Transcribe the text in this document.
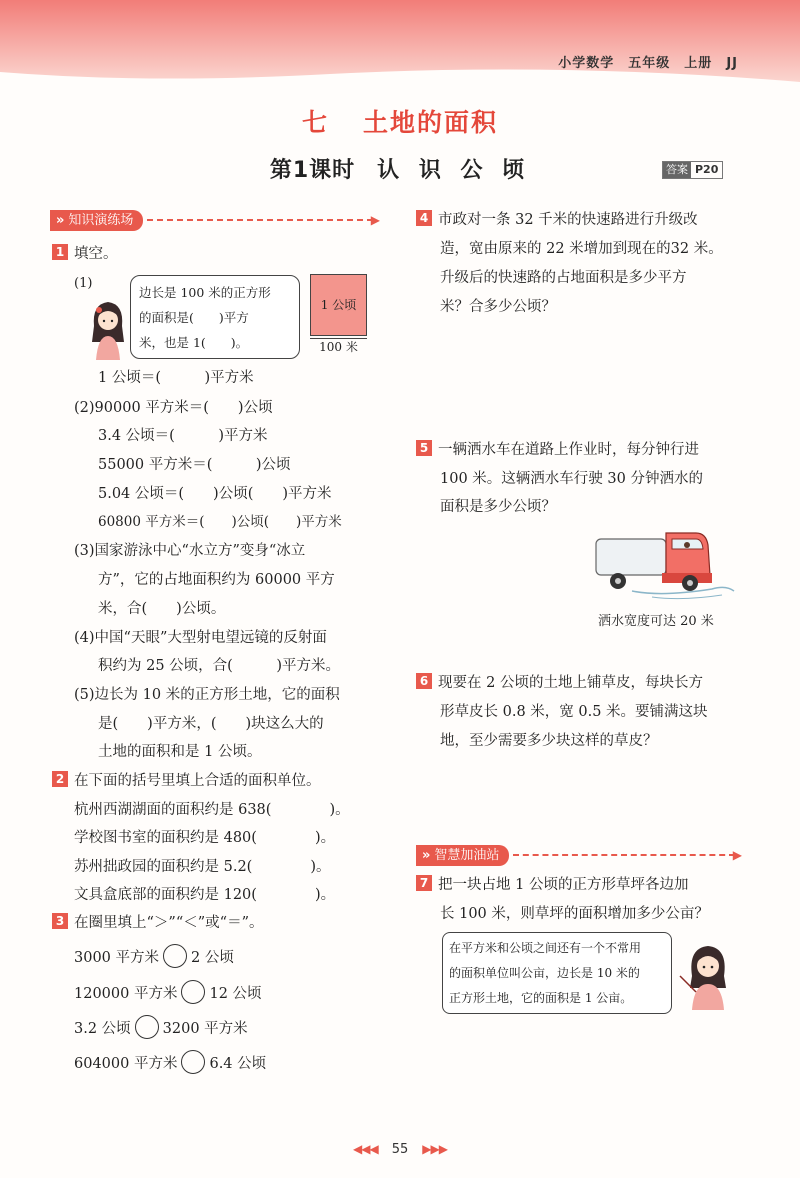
小学数学 五年级 上册 JJ
七 土地的面积
第1课时 认 识 公 顷	答案 P20
» 知识演练场	▶
1 填空。
(1)
边长是 100 米的正方形
的面积是(　　)平方
米，也是 1(　　)。
1 公顷
100 米
1 公顷＝(　　　)平方米
(2)90000 平方米＝(　　)公顷
3.4 公顷＝(　　　)平方米
55000 平方米＝(　　　)公顷
5.04 公顷＝(　　)公顷(　　)平方米
60800 平方米＝(　　)公顷(　　)平方米
(3)国家游泳中心“水立方”变身“冰立
方”，它的占地面积约为 60000 平方
米，合(　　)公顷。
(4)中国“天眼”大型射电望远镜的反射面
积约为 25 公顷，合(　　　)平方米。
(5)边长为 10 米的正方形土地，它的面积
是(　　)平方米，(　　)块这么大的
土地的面积和是 1 公顷。
2 在下面的括号里填上合适的面积单位。
杭州西湖湖面的面积约是 638(　　　　)。
学校图书室的面积约是 480(　　　　)。
苏州拙政园的面积约是 5.2(　　　　)。
文具盒底部的面积约是 120(　　　　)。
3 在圈里填上“＞”“＜”或“＝”。
3000 平方米 2 公顷
120000 平方米 12 公顷
3.2 公顷 3200 平方米
604000 平方米 6.4 公顷
4 市政对一条 32 千米的快速路进行升级改
造，宽由原来的 22 米增加到现在的32 米。
升级后的快速路的占地面积是多少平方
米？合多少公顷？
5 一辆洒水车在道路上作业时，每分钟行进
100 米。这辆洒水车行驶 30 分钟洒水的
面积是多少公顷？
洒水宽度可达 20 米
6 现要在 2 公顷的土地上铺草皮，每块长方
形草皮长 0.8 米，宽 0.5 米。要铺满这块
地，至少需要多少块这样的草皮？
» 智慧加油站	▶
7 把一块占地 1 公顷的正方形草坪各边加
长 100 米，则草坪的面积增加多少公亩？
在平方米和公顷之间还有一个不常用
的面积单位叫公亩，边长是 10 米的
正方形土地，它的面积是 1 公亩。
◀◀◀ 55 ▶▶▶
